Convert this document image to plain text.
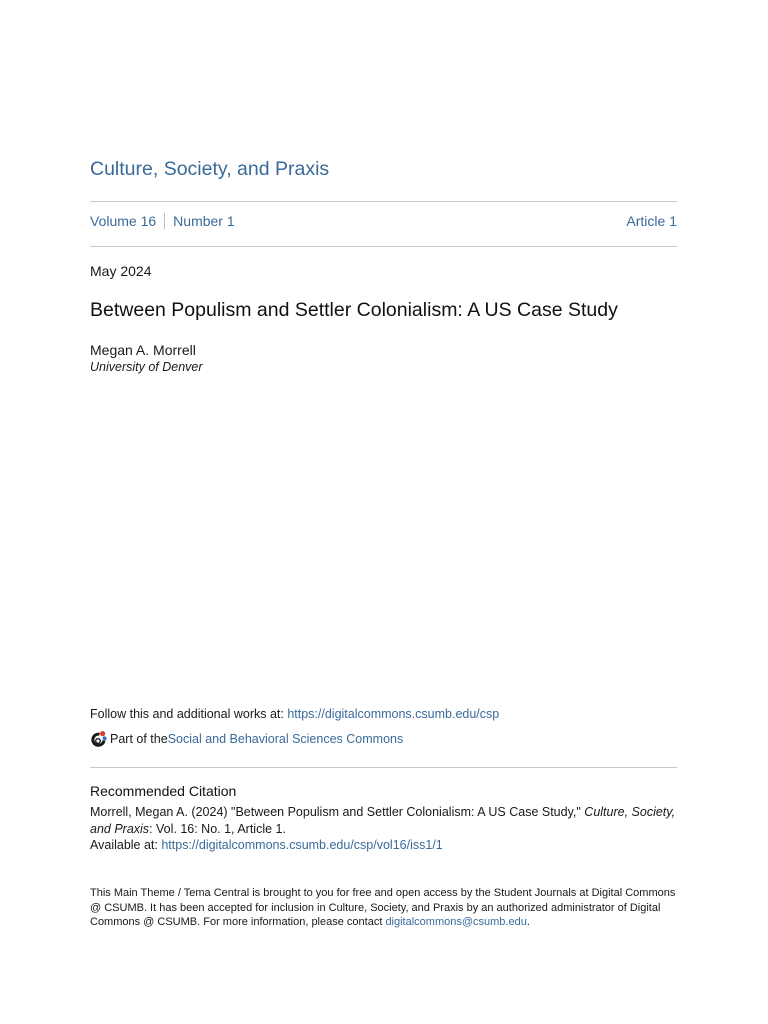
Culture, Society, and Praxis
Volume 16 Number 1	Article 1
May 2024
Between Populism and Settler Colonialism: A US Case Study
Megan A. Morrell
University of Denver
Follow this and additional works at: https://digitalcommons.csumb.edu/csp
Part of the Social and Behavioral Sciences Commons
Recommended Citation
Morrell, Megan A. (2024) "Between Populism and Settler Colonialism: A US Case Study," Culture, Society, and Praxis: Vol. 16: No. 1, Article 1.
Available at: https://digitalcommons.csumb.edu/csp/vol16/iss1/1
This Main Theme / Tema Central is brought to you for free and open access by the Student Journals at Digital Commons @ CSUMB. It has been accepted for inclusion in Culture, Society, and Praxis by an authorized administrator of Digital Commons @ CSUMB. For more information, please contact digitalcommons@csumb.edu.
